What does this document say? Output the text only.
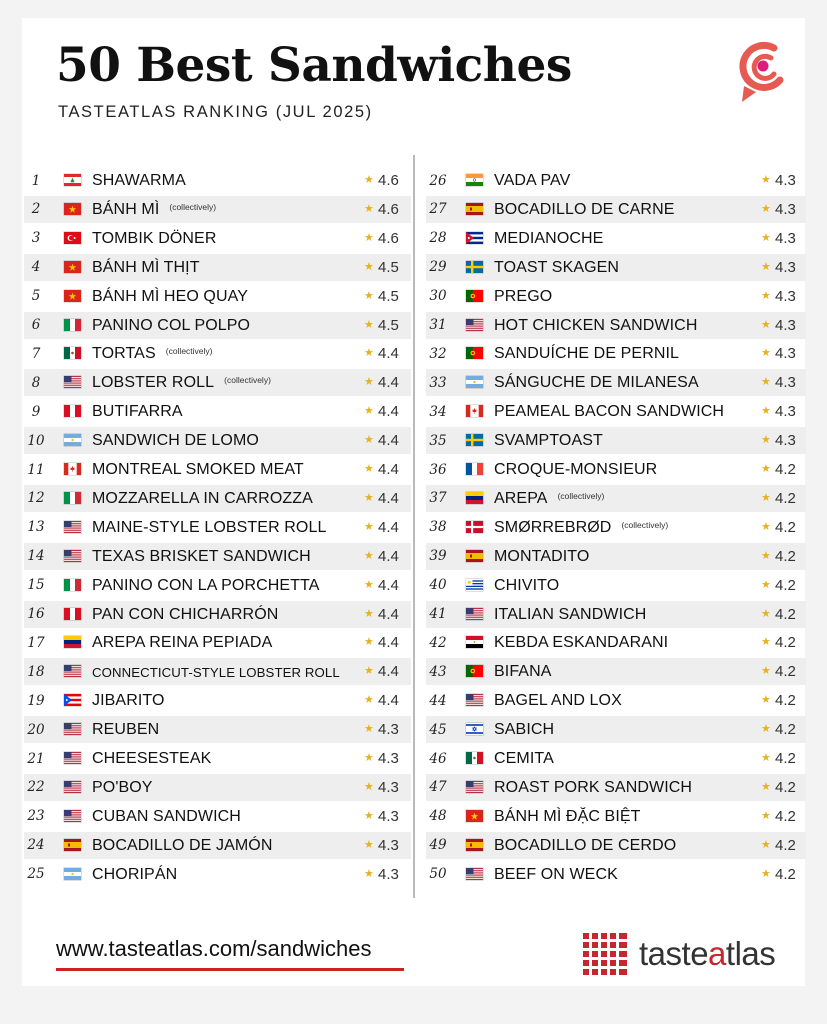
50 Best Sandwiches
TASTEATLAS RANKING (JUL 2025)
1	SHAWARMA	★ 4.6
2	BÁNH MÌ $^{(collectively)}$	★ 4.6
3	TOMBIK DÖNER	★ 4.6
4	BÁNH MÌ THỊT	★ 4.5
5	BÁNH MÌ HEO QUAY	★ 4.5
6	PANINO COL POLPO	★ 4.5
7	TORTAS $^{(collectively)}$	★ 4.4
8	LOBSTER ROLL $^{(collectively)}$	★ 4.4
9	BUTIFARRA	★ 4.4
10	SANDWICH DE LOMO	★ 4.4
11	MONTREAL SMOKED MEAT	★ 4.4
12	MOZZARELLA IN CARROZZA	★ 4.4
13	MAINE-STYLE LOBSTER ROLL	★ 4.4
14	TEXAS BRISKET SANDWICH	★ 4.4
15	PANINO CON LA PORCHETTA	★ 4.4
16	PAN CON CHICHARRÓN	★ 4.4
17	AREPA REINA PEPIADA	★ 4.4
18	CONNECTICUT-STYLE LOBSTER ROLL ★ 4.4
19	JIBARITO	★ 4.4
20	REUBEN	★ 4.3
21	CHEESESTEAK	★ 4.3
22	PO'BOY	★ 4.3
23	CUBAN SANDWICH	★ 4.3
24	BOCADILLO DE JAMÓN	★ 4.3
25	CHORIPÁN	★ 4.3
26	VADA PAV	★ 4.3
27	BOCADILLO DE CARNE	★ 4.3
28	MEDIANOCHE	★ 4.3
29	TOAST SKAGEN	★ 4.3
30	PREGO	★ 4.3
31	HOT CHICKEN SANDWICH	★ 4.3
32	SANDUÍCHE DE PERNIL	★ 4.3
33	SÁNGUCHE DE MILANESA	★ 4.3
34	PEAMEAL BACON SANDWICH	★ 4.3
35	SVAMPTOAST	★ 4.3
36	CROQUE-MONSIEUR	★ 4.2
37	AREPA $^{(collectively)}$	★ 4.2
38	SMØRREBRØD $^{(collectively)}$	★ 4.2
39	MONTADITO	★ 4.2
40	CHIVITO	★ 4.2
41	ITALIAN SANDWICH	★ 4.2
42	KEBDA ESKANDARANI	★ 4.2
43	BIFANA	★ 4.2
44	BAGEL AND LOX	★ 4.2
45	SABICH	★ 4.2
46	CEMITA	★ 4.2
47	ROAST PORK SANDWICH	★ 4.2
48	BÁNH MÌ ĐẶC BIỆT	★ 4.2
49	BOCADILLO DE CERDO	★ 4.2
50	BEEF ON WECK	★ 4.2
www.tasteatlas.com/sandwiches	tasteatlas
